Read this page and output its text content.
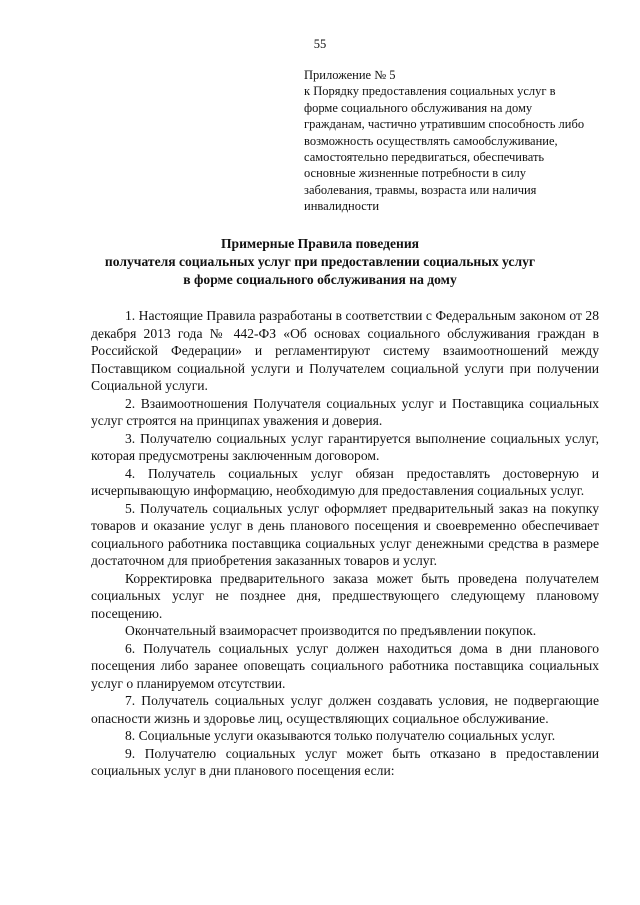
55
Приложение № 5
к Порядку предоставления социальных услуг в
форме социального обслуживания на дому
гражданам, частично утратившим способность либо
возможность осуществлять самообслуживание,
самостоятельно передвигаться, обеспечивать
основные жизненные потребности в силу
заболевания, травмы, возраста или наличия
инвалидности
Примерные Правила поведения
получателя социальных услуг при предоставлении социальных услуг
в форме социального обслуживания на дому

1. Настоящие Правила разработаны в соответствии с Федеральным законом от 28 декабря 2013 года № 442-ФЗ «Об основах социального обслуживания граждан в Российской Федерации» и регламентируют систему взаимоотношений между Поставщиком социальной услуги и Получателем социальной услуги при получении Социальной услуги.

2. Взаимоотношения Получателя социальных услуг и Поставщика социальных услуг строятся на принципах уважения и доверия.

3. Получателю социальных услуг гарантируется выполнение социальных услуг, которая предусмотрены заключенным договором.

4. Получатель социальных услуг обязан предоставлять достоверную и исчерпывающую информацию, необходимую для предоставления социальных услуг.

5. Получатель социальных услуг оформляет предварительный заказ на покупку товаров и оказание услуг в день планового посещения и своевременно обеспечивает социального работника поставщика социальных услуг денежными средства в размере достаточном для приобретения заказанных товаров и услуг.

Корректировка предварительного заказа может быть проведена получателем социальных услуг не позднее дня, предшествующего следующему плановому посещению.

Окончательный взаиморасчет производится по предъявлении покупок.

6. Получатель социальных услуг должен находиться дома в дни планового посещения либо заранее оповещать социального работника поставщика социальных услуг о планируемом отсутствии.

7. Получатель социальных услуг должен создавать условия, не подвергающие опасности жизнь и здоровье лиц, осуществляющих социальное обслуживание.

8. Социальные услуги оказываются только получателю социальных услуг.

9. Получателю социальных услуг может быть отказано в предоставлении социальных услуг в дни планового посещения если:
